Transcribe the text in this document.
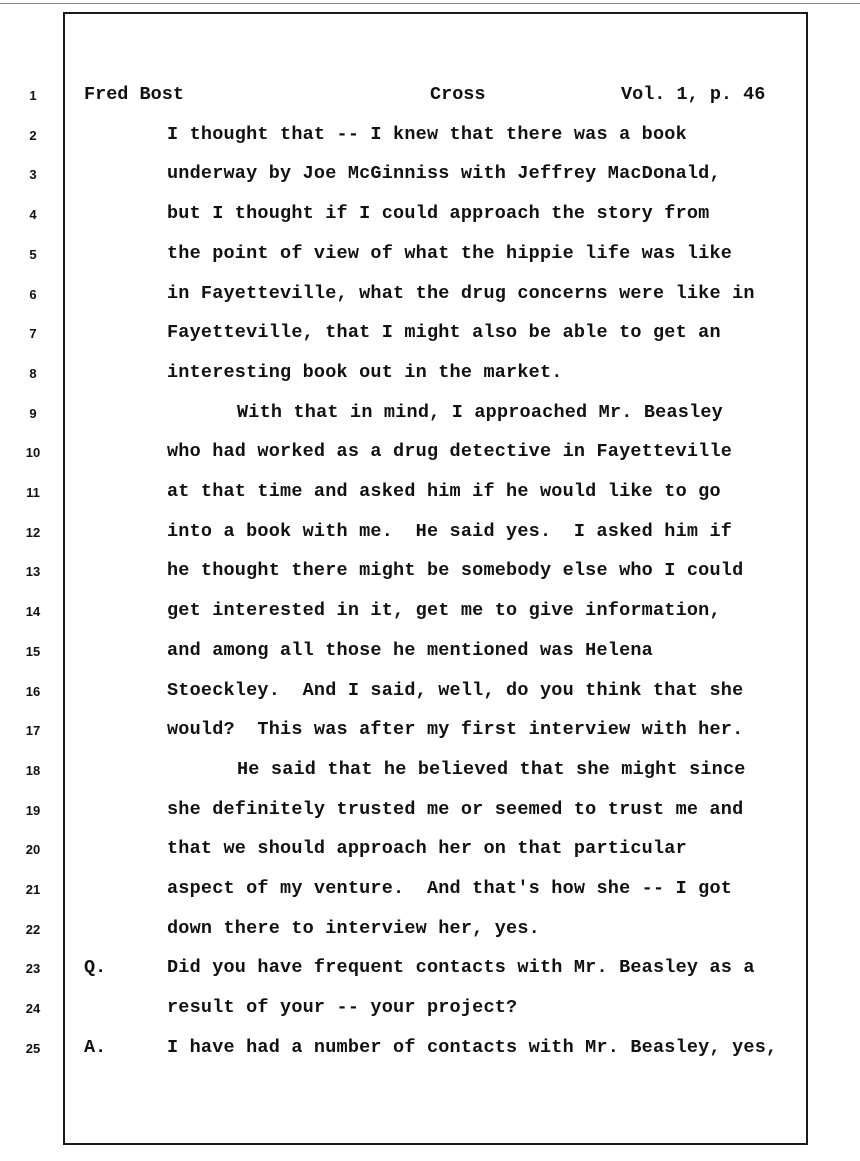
Fred Bost	Cross	Vol. 1, p. 46
1
2	I thought that -- I knew that there was a book
3	underway by Joe McGinniss with Jeffrey MacDonald,
4	but I thought if I could approach the story from
5	the point of view of what the hippie life was like
6	in Fayetteville, what the drug concerns were like in
7	Fayetteville, that I might also be able to get an
8	interesting book out in the market.
9	With that in mind, I approached Mr. Beasley
10	who had worked as a drug detective in Fayetteville
11	at that time and asked him if he would like to go
12	into a book with me.  He said yes.  I asked him if
13	he thought there might be somebody else who I could
14	get interested in it, get me to give information,
15	and among all those he mentioned was Helena
16	Stoeckley.  And I said, well, do you think that she
17	would?  This was after my first interview with her.
18	He said that he believed that she might since
19	she definitely trusted me or seemed to trust me and
20	that we should approach her on that particular
21	aspect of my venture.  And that's how she -- I got
22	down there to interview her, yes.
23	Q.	Did you have frequent contacts with Mr. Beasley as a
24	result of your -- your project?
25	A.	I have had a number of contacts with Mr. Beasley, yes,
